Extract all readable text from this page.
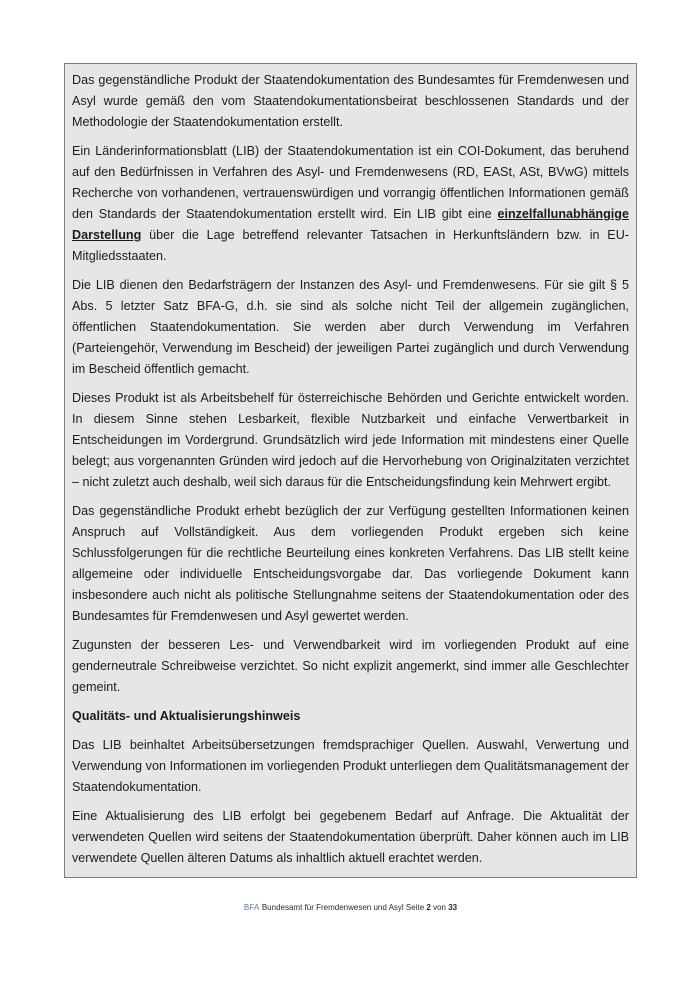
Das gegenständliche Produkt der Staatendokumentation des Bundesamtes für Fremdenwesen und Asyl wurde gemäß den vom Staatendokumentationsbeirat beschlossenen Standards und der Methodologie der Staatendokumentation erstellt.

Ein Länderinformationsblatt (LIB) der Staatendokumentation ist ein COI-Dokument, das beruhend auf den Bedürfnissen in Verfahren des Asyl- und Fremdenwesens (RD, EASt, ASt, BVwG) mittels Recherche von vorhandenen, vertrauenswürdigen und vorrangig öffentlichen Informationen gemäß den Standards der Staatendokumentation erstellt wird. Ein LIB gibt eine einzelfallunabhängige Darstellung über die Lage betreffend relevanter Tatsachen in Herkunftsländern bzw. in EU-Mitgliedsstaaten.

Die LIB dienen den Bedarfsträgern der Instanzen des Asyl- und Fremdenwesens. Für sie gilt § 5 Abs. 5 letzter Satz BFA-G, d.h. sie sind als solche nicht Teil der allgemein zugänglichen, öffentlichen Staatendokumentation. Sie werden aber durch Verwendung im Verfahren (Parteiengehör, Verwendung im Bescheid) der jeweiligen Partei zugänglich und durch Verwendung im Bescheid öffentlich gemacht.

Dieses Produkt ist als Arbeitsbehelf für österreichische Behörden und Gerichte entwickelt worden. In diesem Sinne stehen Lesbarkeit, flexible Nutzbarkeit und einfache Verwertbarkeit in Entscheidungen im Vordergrund. Grundsätzlich wird jede Information mit mindestens einer Quelle belegt; aus vorgenannten Gründen wird jedoch auf die Hervorhebung von Originalzitaten verzichtet – nicht zuletzt auch deshalb, weil sich daraus für die Entscheidungsfindung kein Mehrwert ergibt.

Das gegenständliche Produkt erhebt bezüglich der zur Verfügung gestellten Informationen keinen Anspruch auf Vollständigkeit. Aus dem vorliegenden Produkt ergeben sich keine Schlussfolgerungen für die rechtliche Beurteilung eines konkreten Verfahrens. Das LIB stellt keine allgemeine oder individuelle Entscheidungsvorgabe dar. Das vorliegende Dokument kann insbesondere auch nicht als politische Stellungnahme seitens der Staatendokumentation oder des Bundesamtes für Fremdenwesen und Asyl gewertet werden.

Zugunsten der besseren Les- und Verwendbarkeit wird im vorliegenden Produkt auf eine genderneutrale Schreibweise verzichtet. So nicht explizit angemerkt, sind immer alle Geschlechter gemeint.

Qualitäts- und Aktualisierungshinweis

Das LIB beinhaltet Arbeitsübersetzungen fremdsprachiger Quellen. Auswahl, Verwertung und Verwendung von Informationen im vorliegenden Produkt unterliegen dem Qualitätsmanagement der Staatendokumentation.

Eine Aktualisierung des LIB erfolgt bei gegebenem Bedarf auf Anfrage. Die Aktualität der verwendeten Quellen wird seitens der Staatendokumentation überprüft. Daher können auch im LIB verwendete Quellen älteren Datums als inhaltlich aktuell erachtet werden.

BFA Bundesamt für Fremdenwesen und Asyl Seite 2 von 33
